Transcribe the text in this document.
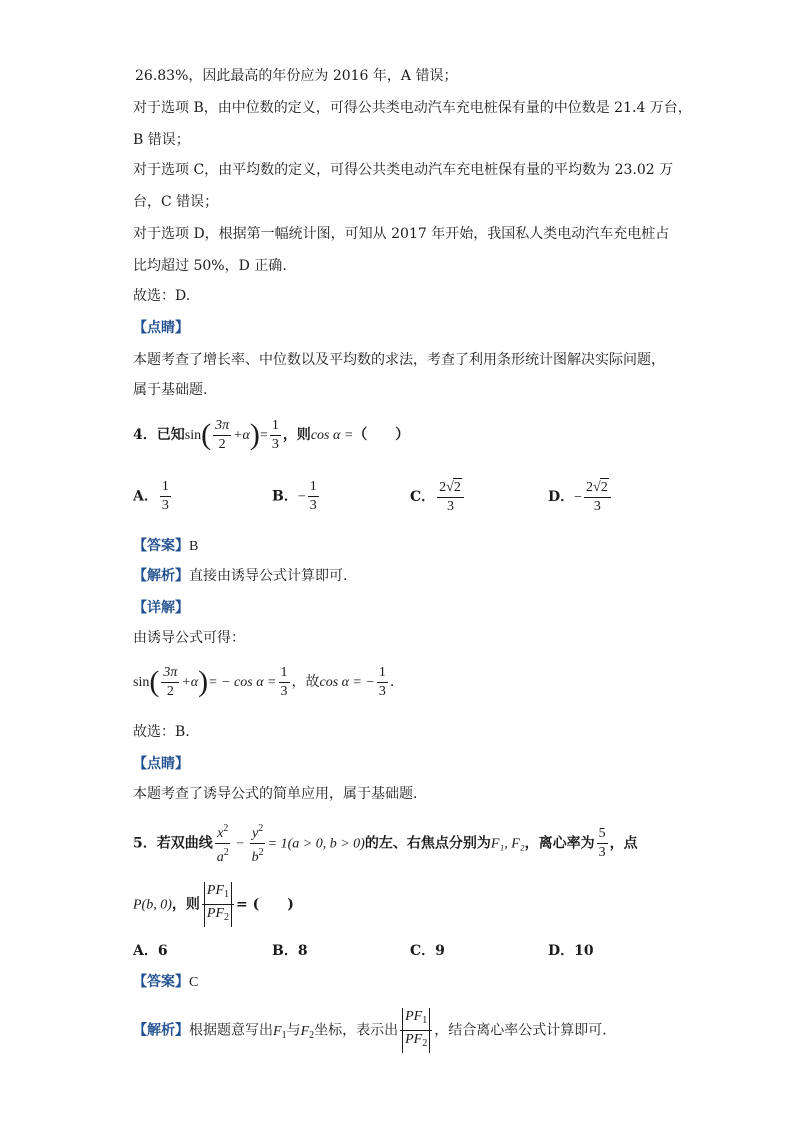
26.83%，因此最高的年份应为 2016 年，A 错误；
对于选项 B，由中位数的定义，可得公共类电动汽车充电桩保有量的中位数是 21.4 万台，
B 错误；
对于选项 C，由平均数的定义，可得公共类电动汽车充电桩保有量的平均数为 23.02 万
台，C 错误；
对于选项 D，根据第一幅统计图，可知从 2017 年开始，我国私人类电动汽车充电桩占
比均超过 50%，D 正确.
故选：D.
【点睛】
本题考查了增长率、中位数以及平均数的求法，考查了利用条形统计图解决实际问题，
属于基础题.
4．已知$\sin( \frac{3\pi}{2} +\alpha)= \frac{1}{3}$ ，则cos α =（　　）
A． $\frac{1}{3}$	B．− $\frac{1}{3}$	C． $\frac{2√2}{3}$	D．− $\frac{2√2}{3}$
【答案】B
【解析】直接由诱导公式计算即可.
【详解】
由诱导公式可得：
$\sin( \frac{3\pi}{2} +\alpha)= - \cos \alpha = \frac{1}{3}$ ，故cos α = − $\frac{1}{3}$ .
故选：B.
【点睛】
本题考查了诱导公式的简单应用，属于基础题.
5．若双曲线 $\frac{x^2}{a^2} - \frac{y^2}{b^2} = 1(a > 0$, b > 0)的左、右焦点分别为F₁, F₂，离心率为 $\frac{5}{3}$ ，点
P(b, 0)，则 $\frac{PF_1}{PF_2}$ = (　　)
A．6	B．8	C．9	D．10
【答案】C
【解析】根据题意写出$F_1$与$F_2$坐标，表示出 $\frac{PF_1}{PF_2}$ ，结合离心率公式计算即可.
